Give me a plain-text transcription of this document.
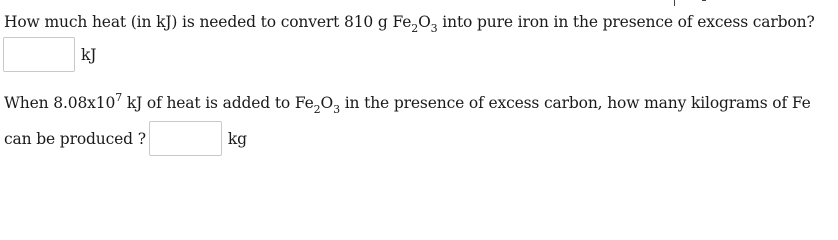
How much heat (in kJ) is needed to convert 810 g $Fe_2O_3$ into pure iron in the presence of excess carbon?
kJ
When $8.08x10^7$ kJ of heat is added to $Fe_2O_3$ in the presence of excess carbon, how many kilograms of Fe
can be produced ?	kg
